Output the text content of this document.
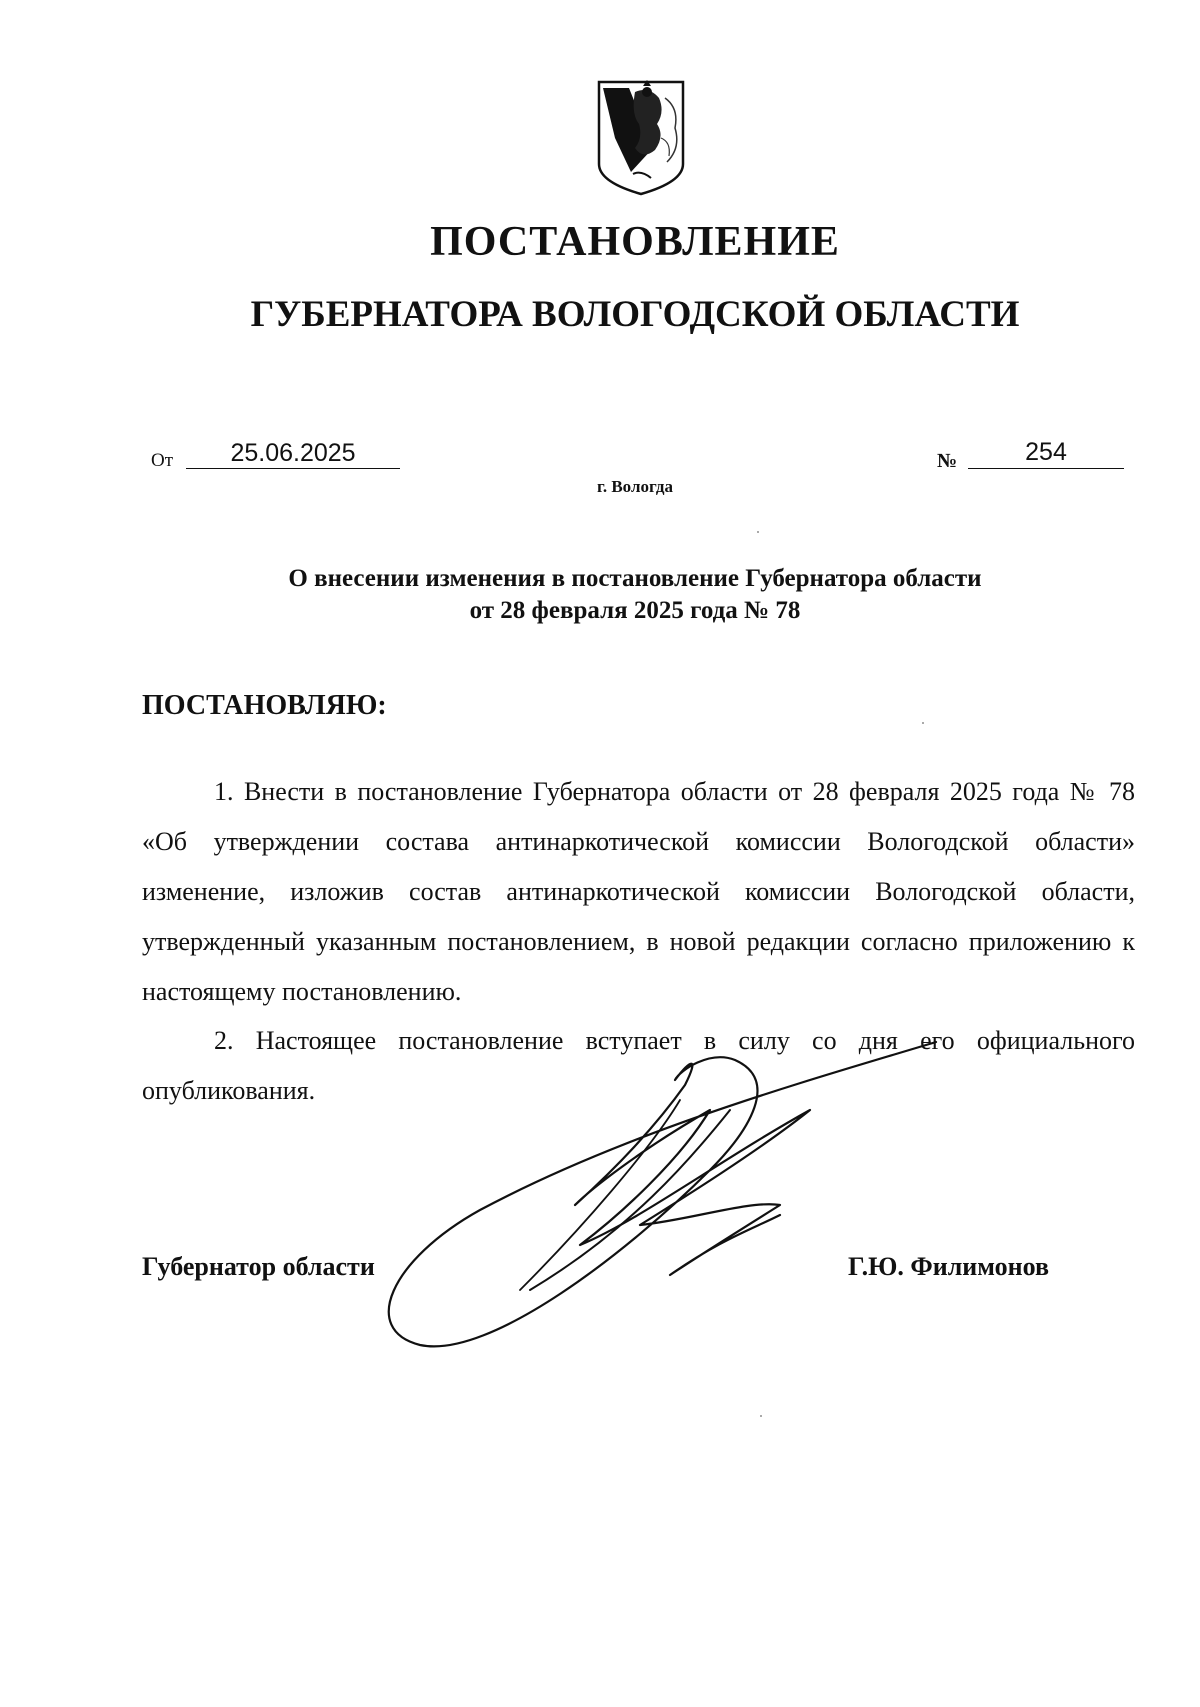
ПОСТАНОВЛЕНИЕ
ГУБЕРНАТОРА ВОЛОГОДСКОЙ ОБЛАСТИ
От	25.06.2025	№	254
г. Вологда
О внесении изменения в постановление Губернатора области
от 28 февраля 2025 года № 78
ПОСТАНОВЛЯЮ:
1. Внести в постановление Губернатора области от 28 февраля 2025 года № 78 «Об утверждении состава антинаркотической комиссии Вологодской области» изменение, изложив состав антинаркотической комиссии Вологодской области, утвержденный указанным постановлением, в новой редакции согласно приложению к настоящему постановлению.
2. Настоящее постановление вступает в силу со дня его официального опубликования.
Губернатор области	Г.Ю. Филимонов
